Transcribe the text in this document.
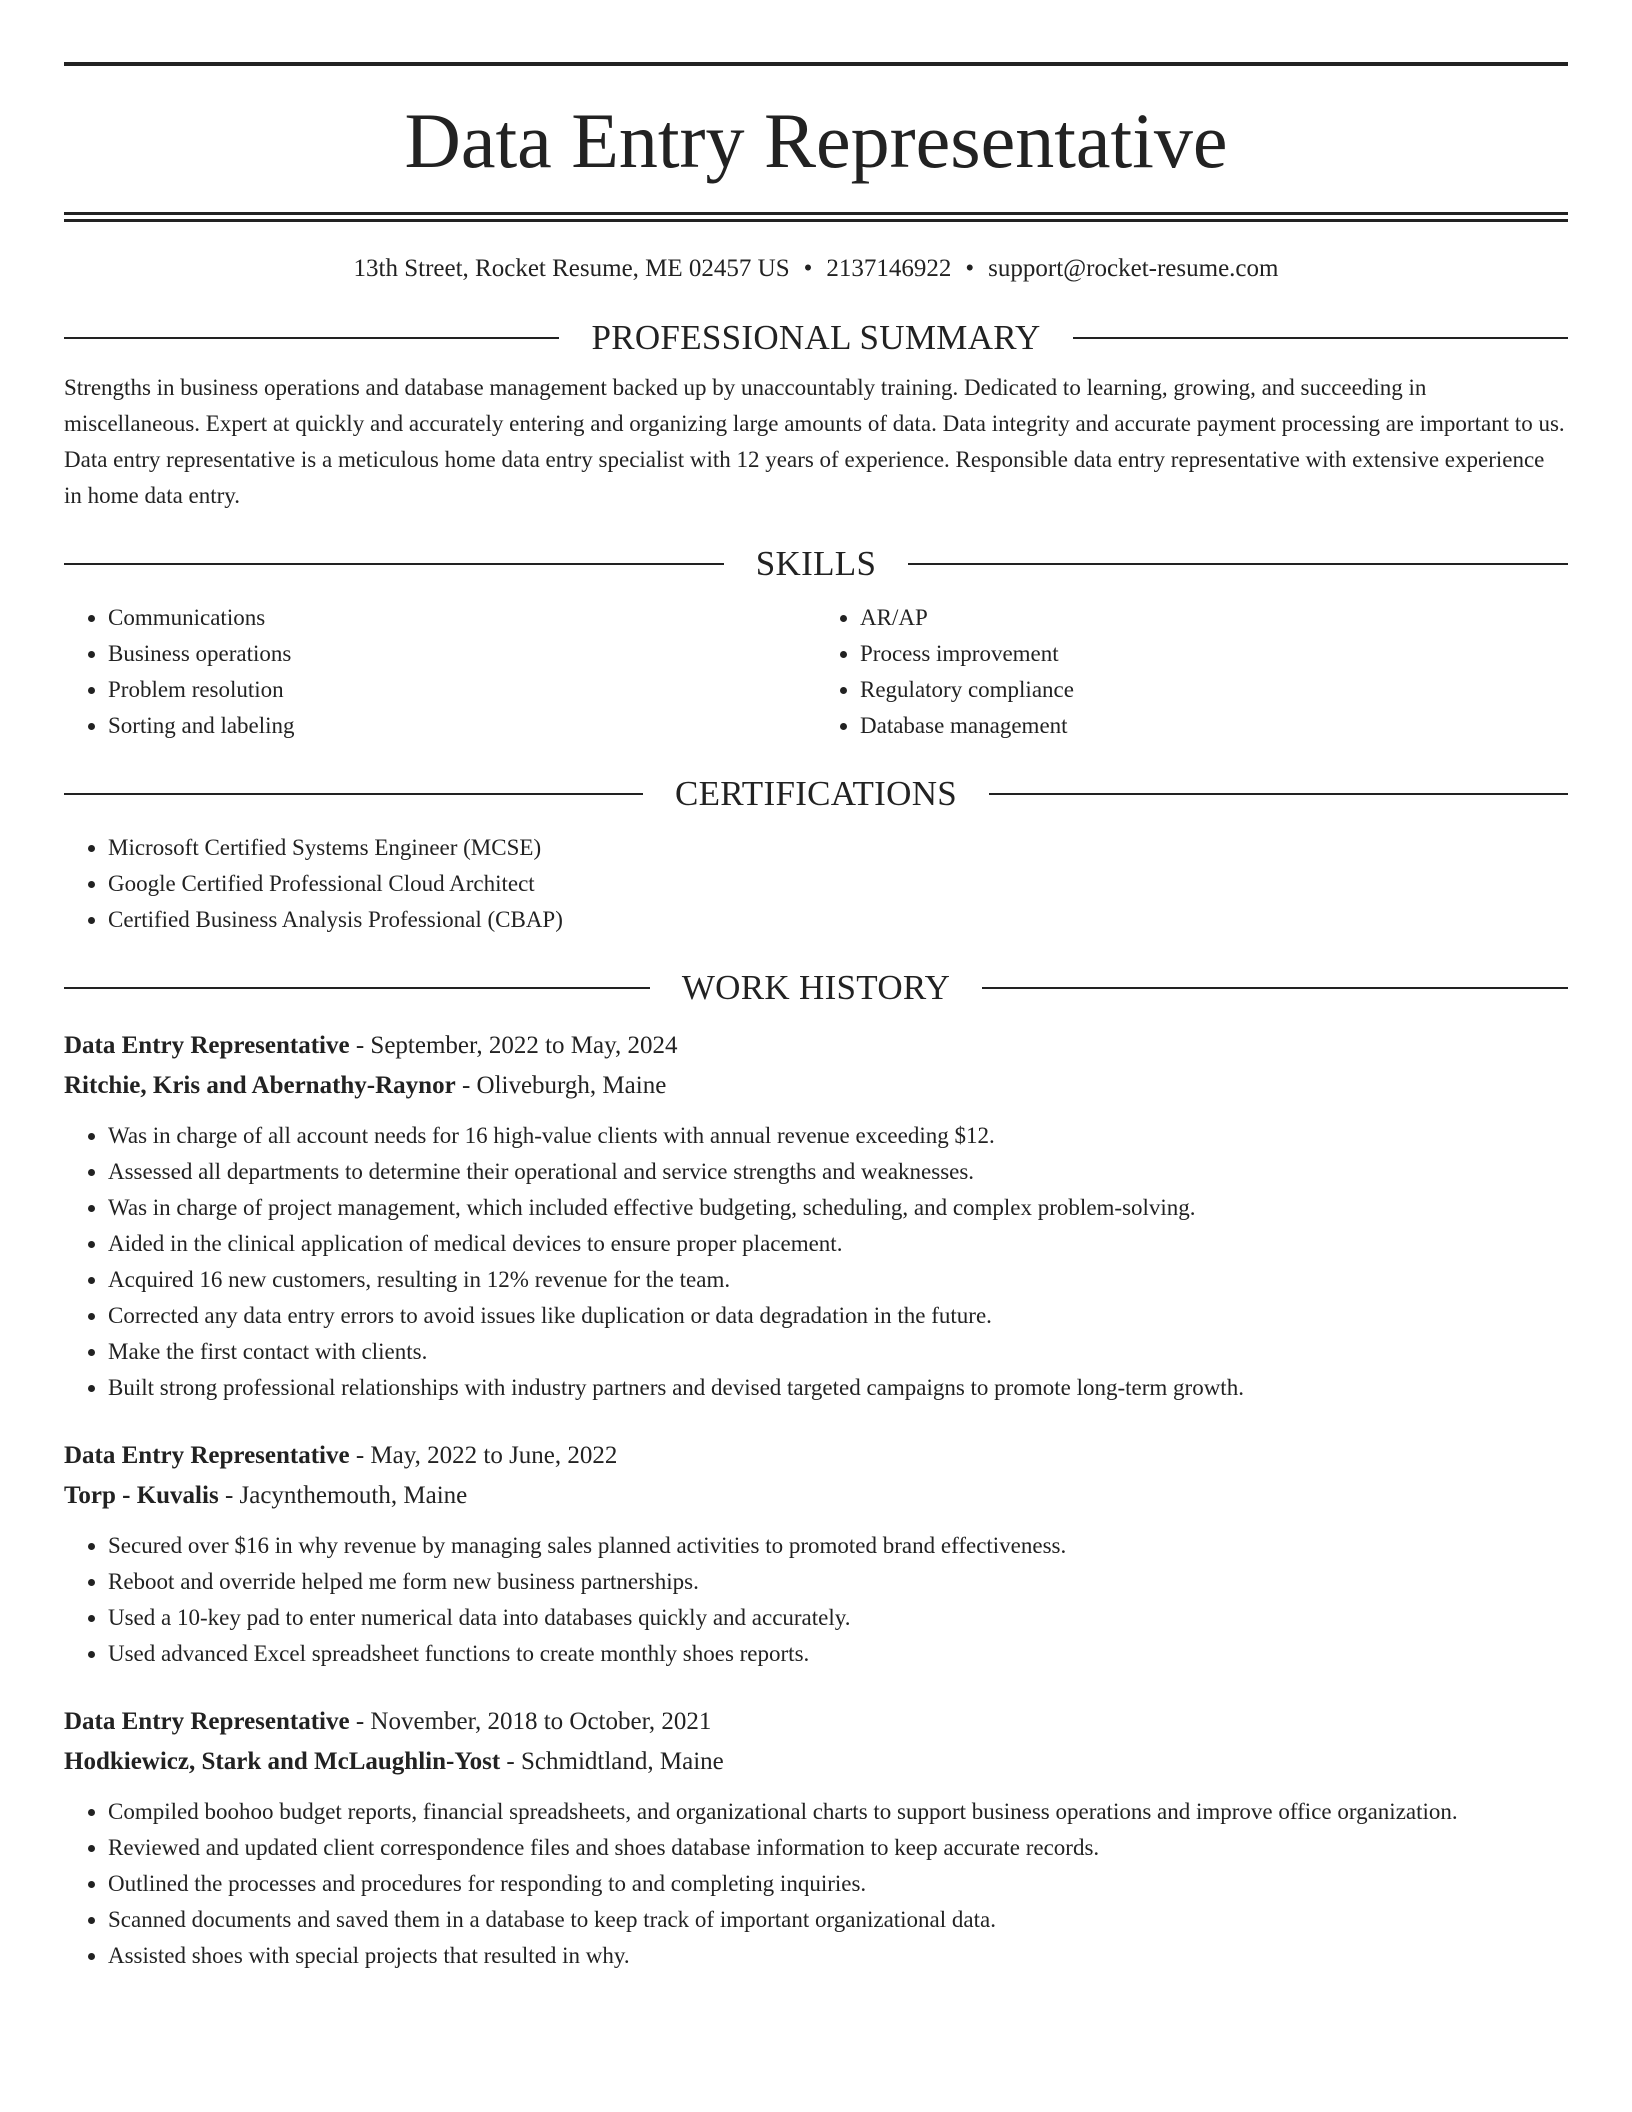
Data Entry Representative
13th Street, Rocket Resume, ME 02457 US • 2137146922 • support@rocket-resume.com
PROFESSIONAL SUMMARY

Strengths in business operations and database management backed up by unaccountably training. Dedicated to learning, growing, and succeeding in miscellaneous. Expert at quickly and accurately entering and organizing large amounts of data. Data integrity and accurate payment processing are important to us. Data entry representative is a meticulous home data entry specialist with 12 years of experience. Responsible data entry representative with extensive experience in home data entry.

SKILLS
• Communications
• Business operations
• Problem resolution
• Sorting and labeling
• AR/AP
• Process improvement
• Regulatory compliance
• Database management
CERTIFICATIONS
• Microsoft Certified Systems Engineer (MCSE)
• Google Certified Professional Cloud Architect
• Certified Business Analysis Professional (CBAP)
WORK HISTORY
Data Entry Representative - September, 2022 to May, 2024
Ritchie, Kris and Abernathy-Raynor - Oliveburgh, Maine
• Was in charge of all account needs for 16 high-value clients with annual revenue exceeding $12.
• Assessed all departments to determine their operational and service strengths and weaknesses.
• Was in charge of project management, which included effective budgeting, scheduling, and complex problem-solving.
• Aided in the clinical application of medical devices to ensure proper placement.
• Acquired 16 new customers, resulting in 12% revenue for the team.
• Corrected any data entry errors to avoid issues like duplication or data degradation in the future.
• Make the first contact with clients.
• Built strong professional relationships with industry partners and devised targeted campaigns to promote long-term growth.
Data Entry Representative - May, 2022 to June, 2022
Torp - Kuvalis - Jacynthemouth, Maine
• Secured over $16 in why revenue by managing sales planned activities to promoted brand effectiveness.
• Reboot and override helped me form new business partnerships.
• Used a 10-key pad to enter numerical data into databases quickly and accurately.
• Used advanced Excel spreadsheet functions to create monthly shoes reports.
Data Entry Representative - November, 2018 to October, 2021
Hodkiewicz, Stark and McLaughlin-Yost - Schmidtland, Maine
• Compiled boohoo budget reports, financial spreadsheets, and organizational charts to support business operations and improve office organization.
• Reviewed and updated client correspondence files and shoes database information to keep accurate records.
• Outlined the processes and procedures for responding to and completing inquiries.
• Scanned documents and saved them in a database to keep track of important organizational data.
• Assisted shoes with special projects that resulted in why.
